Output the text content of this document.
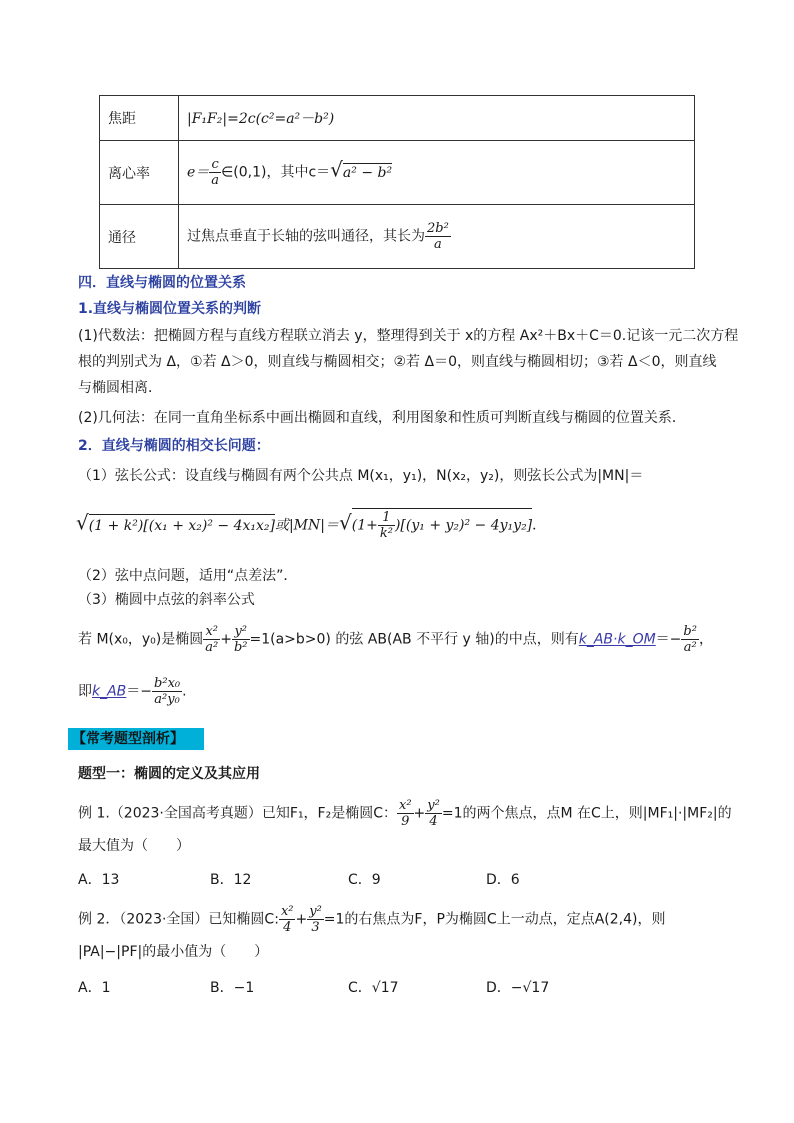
焦距	|F₁F₂|=2c(c²=a²－b²)
离心率	$e= \frac{c}{a}$ ∈(0,1)，其中c＝√a² − b²
通径	过焦点垂直于长轴的弦叫通径，其长为 $\frac{\text{2b²}}{a}$
四．直线与椭圆的位置关系
1.直线与椭圆位置关系的判断
(1)代数法：把椭圆方程与直线方程联立消去 y，整理得到关于 x的方程 Ax²＋Bx＋C＝0.记该一元二次方程
根的判别式为 Δ，①若 Δ＞0，则直线与椭圆相交；②若 Δ＝0，则直线与椭圆相切；③若 Δ＜0，则直线
与椭圆相离．
(2)几何法：在同一直角坐标系中画出椭圆和直线，利用图象和性质可判断直线与椭圆的位置关系．
2．直线与椭圆的相交长问题：
（1）弦长公式：设直线与椭圆有两个公共点 M(x₁，y₁)，N(x₂，y₂)，则弦长公式为|MN|＝
√(1 + k²)[(x₁ + x₂)² − 4x₁x₂]或$|MN|=√(1+ \frac{1}{\text{k²}} )[(y_1 + y_2)^2 - 4y_1y_2]$．
（2）弦中点问题，适用“点差法”．
（3）椭圆中点弦的斜率公式
若 M(x₀，y₀)是椭圆 $\frac{\text{x²}}{\text{a²}} + \frac{\text{y²}}{\text{b²}} =1(a>b>0)$ 的弦 AB(AB 不平行 y 轴)的中点，则有k_AB·k_OM＝− $\frac{\text{b²}}{\text{a²}}$ ，
即k_AB＝− $\frac{\text{b²x₀}}{\text{a²y₀}}$ .
【常考题型剖析】
题型一：椭圆的定义及其应用
例 1.（2023·全国高考真题）已知F₁，F₂是椭圆C： $\frac{\text{x²}}{9} + \frac{\text{y²}}{4} =1$的两个焦点，点M 在C上，则|MF₁|·|MF₂|的
最大值为（　　）
A．13	B．12	C．9	D．6
例 2．（2023·全国）已知椭圆C: $\frac{\text{x²}}{4} + \frac{\text{y²}}{3} =1$的右焦点为F，P为椭圆C上一动点，定点A(2,4)，则
|PA|−|PF|的最小值为（　　）
A．1	B．−1	C．√17	D．−√17
